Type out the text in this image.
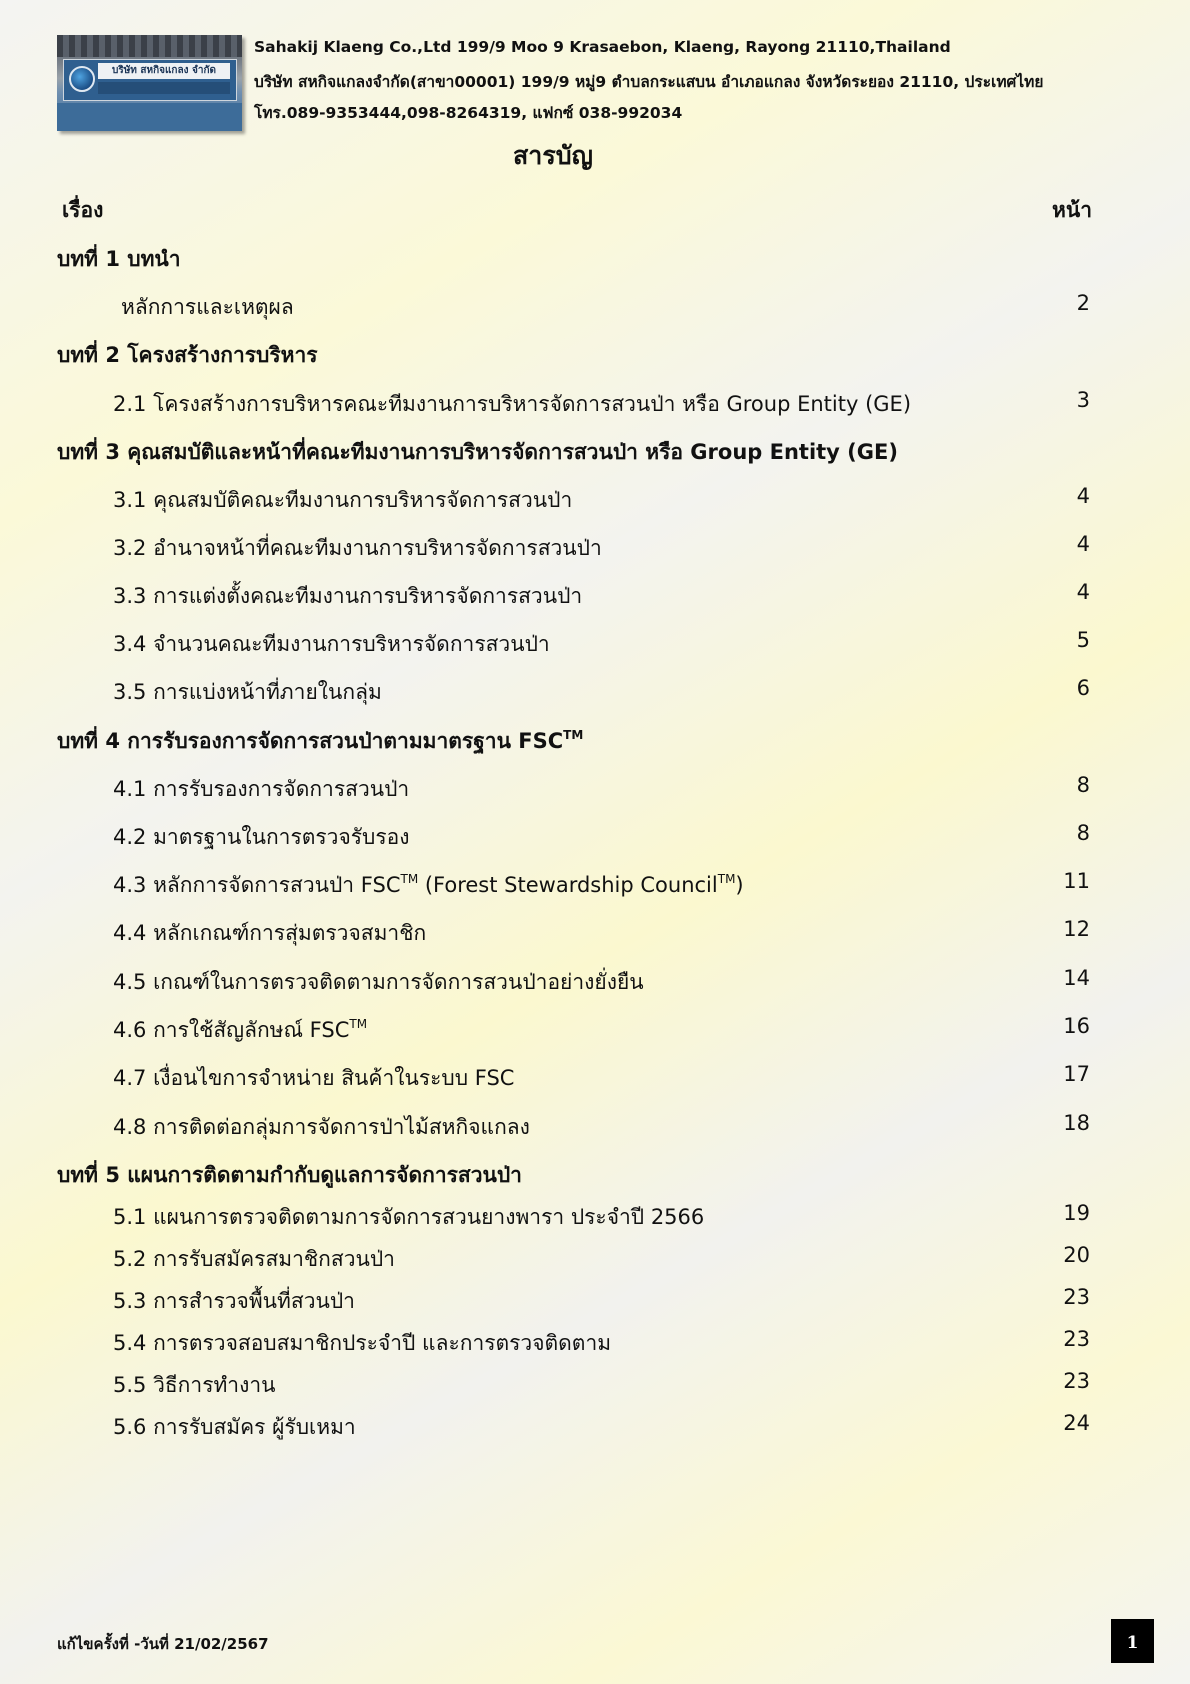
บริษัท สหกิจแกลง จำกัด
Sahakij Klaeng Co.,Ltd 199/9 Moo 9 Krasaebon, Klaeng, Rayong 21110,Thailand
บริษัท สหกิจแกลงจำกัด(สาขา00001) 199/9 หมู่9 ตำบลกระแสบน อำเภอแกลง จังหวัดระยอง 21110, ประเทศไทย
โทร.089-9353444,098-8264319, แฟกซ์ 038-992034
สารบัญ
เรื่อง	หน้า
บทที่ 1 บทนำ
หลักการและเหตุผล	2
บทที่ 2 โครงสร้างการบริหาร
2.1 โครงสร้างการบริหารคณะทีมงานการบริหารจัดการสวนป่า หรือ Group Entity (GE)	3
บทที่ 3 คุณสมบัติและหน้าที่คณะทีมงานการบริหารจัดการสวนป่า หรือ Group Entity (GE)
3.1 คุณสมบัติคณะทีมงานการบริหารจัดการสวนป่า	4
3.2 อำนาจหน้าที่คณะทีมงานการบริหารจัดการสวนป่า	4
3.3 การแต่งตั้งคณะทีมงานการบริหารจัดการสวนป่า	4
3.4 จำนวนคณะทีมงานการบริหารจัดการสวนป่า	5
3.5 การแบ่งหน้าที่ภายในกลุ่ม	6
บทที่ 4 การรับรองการจัดการสวนป่าตามมาตรฐาน FSC™
4.1 การรับรองการจัดการสวนป่า	8
4.2 มาตรฐานในการตรวจรับรอง	8
4.3 หลักการจัดการสวนป่า FSC™ (Forest Stewardship Council™)	11
4.4 หลักเกณฑ์การสุ่มตรวจสมาชิก	12
4.5 เกณฑ์ในการตรวจติดตามการจัดการสวนป่าอย่างยั่งยืน	14
4.6 การใช้สัญลักษณ์ FSC™	16
4.7 เงื่อนไขการจำหน่าย สินค้าในระบบ FSC	17
4.8 การติดต่อกลุ่มการจัดการป่าไม้สหกิจแกลง	18
บทที่ 5 แผนการติดตามกำกับดูแลการจัดการสวนป่า
5.1 แผนการตรวจติดตามการจัดการสวนยางพารา ประจำปี 2566	19
5.2 การรับสมัครสมาชิกสวนป่า	20
5.3 การสำรวจพื้นที่สวนป่า	23
5.4 การตรวจสอบสมาชิกประจำปี และการตรวจติดตาม	23
5.5 วิธีการทำงาน	23
5.6 การรับสมัคร ผู้รับเหมา	24
แก้ไขครั้งที่ -วันที่ 21/02/2567	1
